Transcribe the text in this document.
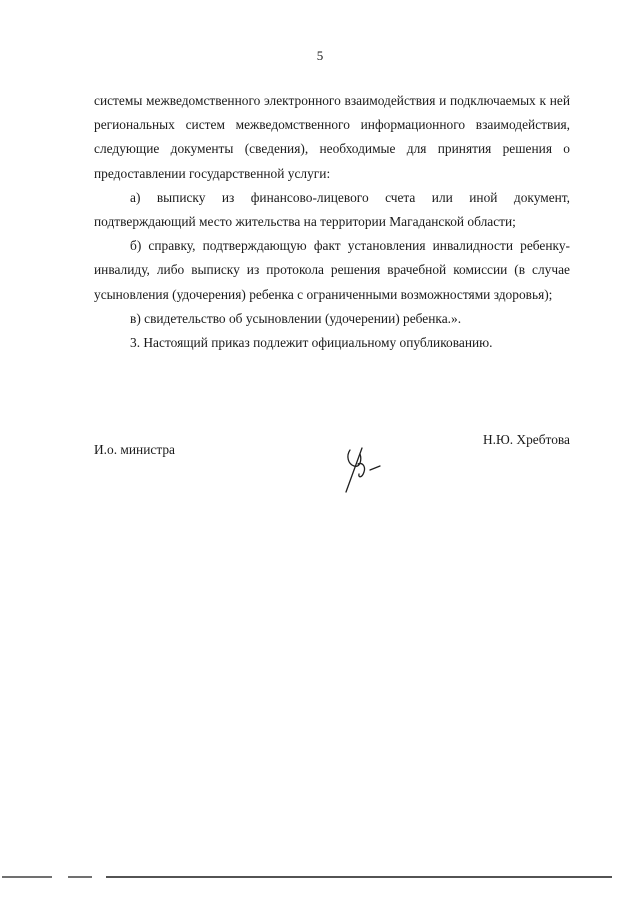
5

системы межведомственного электронного взаимодействия и подключаемых к ней региональных систем межведомственного информационного взаимодействия, следующие документы (сведения), необходимые для принятия решения о предоставлении государственной услуги:

а) выписку из финансово-лицевого счета или иной документ, подтверждающий место жительства на территории Магаданской области;

б) справку, подтверждающую факт установления инвалидности ребенку-инвалиду, либо выписку из протокола решения врачебной комиссии (в случае усыновления (удочерения) ребенка с ограниченными возможностями здоровья);

в) свидетельство об усыновлении (удочерении) ребенка.».

3. Настоящий приказ подлежит официальному опубликованию.

И.о. министра
Н.Ю. Хребтова
